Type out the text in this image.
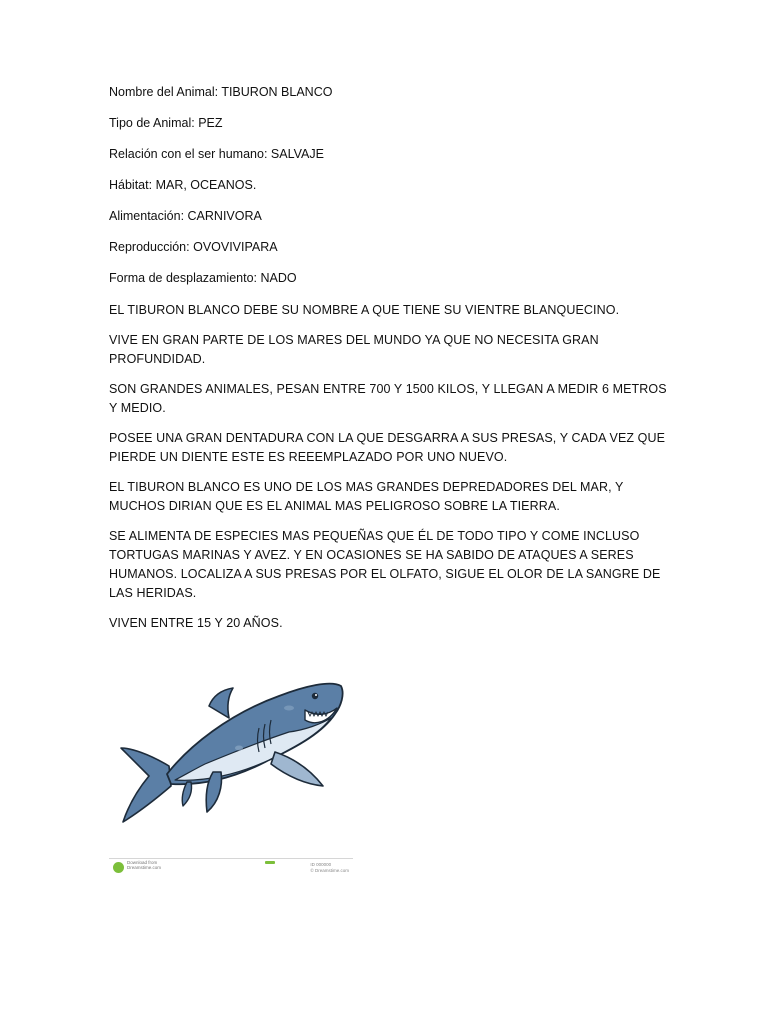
Nombre del Animal: TIBURON BLANCO
Tipo de Animal: PEZ
Relación con el ser humano: SALVAJE
Hábitat: MAR, OCEANOS.
Alimentación: CARNIVORA
Reproducción: OVOVIVIPARA
Forma de desplazamiento: NADO

EL TIBURON BLANCO DEBE SU NOMBRE A QUE TIENE SU VIENTRE BLANQUECINO.

VIVE EN GRAN PARTE DE LOS MARES DEL MUNDO YA QUE NO NECESITA GRAN PROFUNDIDAD.

SON GRANDES ANIMALES, PESAN ENTRE 700 Y 1500 KILOS, Y LLEGAN A MEDIR 6 METROS Y MEDIO.

POSEE UNA GRAN DENTADURA CON LA QUE DESGARRA A SUS PRESAS, Y CADA VEZ QUE PIERDE UN DIENTE ESTE ES REEEMPLAZADO POR UNO NUEVO.

EL TIBURON BLANCO ES UNO DE LOS MAS GRANDES DEPREDADORES DEL MAR, Y MUCHOS DIRIAN QUE ES EL ANIMAL MAS PELIGROSO SOBRE LA TIERRA.

SE ALIMENTA DE ESPECIES MAS PEQUEÑAS QUE ÉL DE TODO TIPO Y COME INCLUSO TORTUGAS MARINAS Y AVEZ. Y EN OCASIONES SE HA SABIDO DE ATAQUES A SERES HUMANOS. LOCALIZA A SUS PRESAS POR EL OLFATO, SIGUE EL OLOR DE LA SANGRE DE LAS HERIDAS.

VIVEN ENTRE 15 Y 20 AÑOS.

Download from
Dreamstime.com
ID 000000
© Dreamstime.com
